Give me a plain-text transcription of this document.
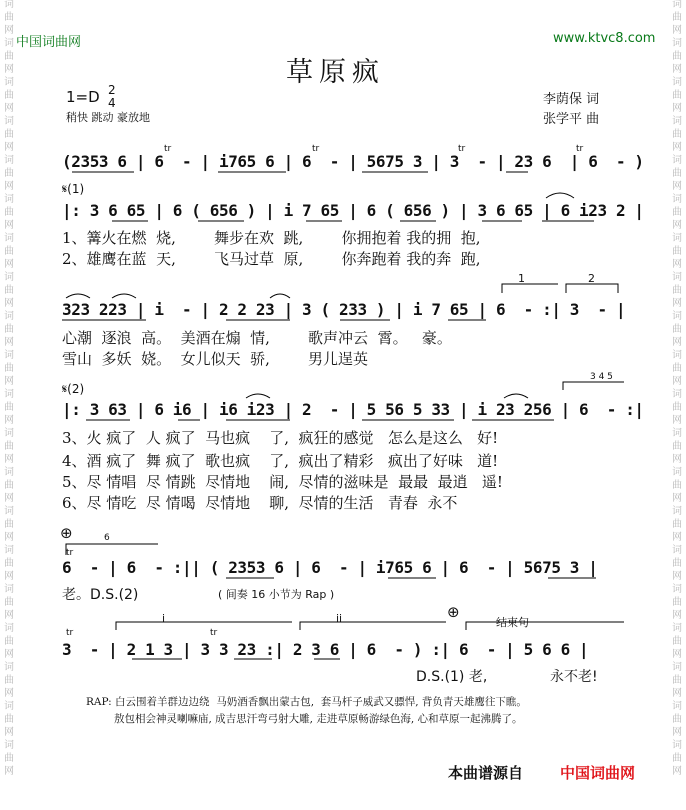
词
曲
网
词
曲
网
词
曲
网
词
曲
网
词
曲
网
词
曲
网
词
曲
网
词
曲
网
词
曲
网
词
曲
网
词
曲
网
词
曲
网
词
曲
网
词
曲
网
词
曲
网
词
曲
网
词
曲
网
词
曲
网
词
曲
网
词
曲
网
词
曲
网
词
曲
网
词
曲
网
词
曲
网
词
曲
网
词
曲
网
词
曲
网
词
曲
网
词
曲
网
词
曲
网
词
曲
网
词
曲
网
词
曲
网
词
曲
网
词
曲
网
词
曲
网
词
曲
网
词
曲
网
词
曲
网
词
曲
网
中国词曲网	www.ktvc8.com
草原疯
1=D 2
4
稍快 跳动 豪放地
李荫保 词
张学平 曲
𝄋(1)
𝄋(2)
⊕
⊕
1	2
3 4 5
6
i	ii	结束句
tr	tr	tr	tr
tr	tr
tr
(2353 6 | 6  - | i765 6 | 6  - | 5675 3 | 3  - | 23 6  | 6  - )
|: 3 6 65 | 6 ( 656 ) | i 7 65 | 6 ( 656 ) | 3 6 65 | 6 i23 2 |
323 223 | i  - | 2 2 23 | 3 ( 233 ) | i 7 65 | 6  - :| 3  - |
|: 3 63 | 6 i6 | i6 i23 | 2  - | 5 56 5 33 | i 23 256 | 6  - :|
6  - | 6  - :|| ( 2353 6 | 6  - | i765 6 | 6  - | 5675 3 |
3  - | 2 1 3 | 3 3 23 :| 2 3 6 | 6  - ) :| 6  - | 5 6 6 |
1、篝火在燃  烧,        舞步在欢  跳,        你拥抱着 我的拥  抱,
2、雄鹰在蓝  天,        飞马过草  原,        你奔跑着 我的奔  跑,
心潮  逐浪  高。  美酒在煽  情,        歌声冲云  霄。   豪。
雪山  多妖  娆。  女儿似天  骄,        男儿逞英
3、火 疯了  人 疯了  马也疯    了,  疯狂的感觉   怎么是这么   好!
4、酒 疯了  舞 疯了  歌也疯    了,  疯出了精彩   疯出了好味   道!
5、尽 情唱  尽 情跳  尽情地    闹,  尽情的滋味是  最最  最逍   遥!
6、尽 情吃  尽 情喝  尽情地    聊,  尽情的生活   青春  永不
老。D.S.(2)	( 间奏 16 小节为 Rap )
D.S.(1) 老,	永不老!
RAP: 白云围着羊群边边绕  马奶酒香飘出蒙古包,  套马杆子威武又骠悍, 背负青天雄鹰往下瞧。
敖包相会神灵喇嘛庙, 成吉思汗弯弓射大雕, 走进草原畅游绿色海, 心和草原一起沸腾了。
本曲谱源自 中国词曲网
